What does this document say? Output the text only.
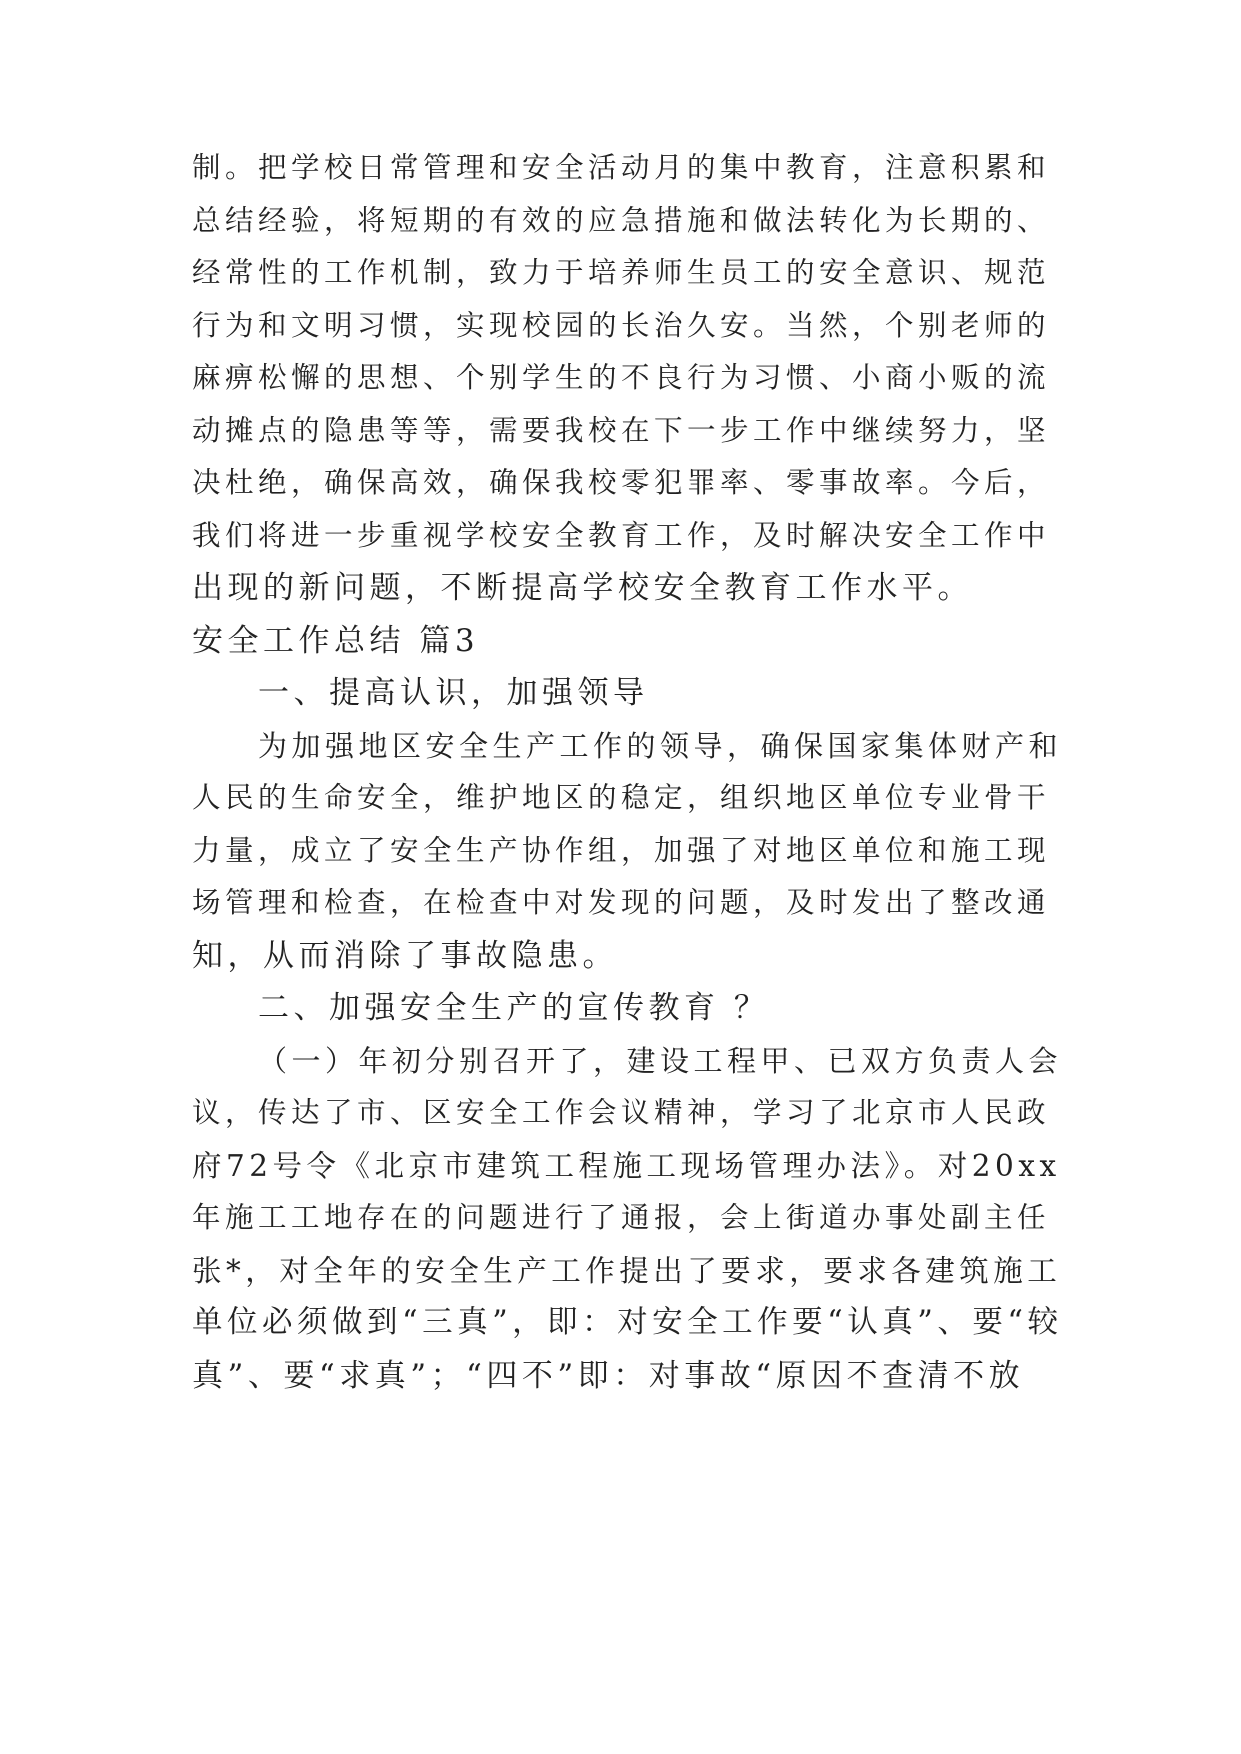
制。把学校日常管理和安全活动月的集中教育，注意积累和
总结经验，将短期的有效的应急措施和做法转化为长期的、
经常性的工作机制，致力于培养师生员工的安全意识、规范
行为和文明习惯，实现校园的长治久安。当然，个别老师的
麻痹松懈的思想、个别学生的不良行为习惯、小商小贩的流
动摊点的隐患等等，需要我校在下一步工作中继续努力，坚
决杜绝，确保高效，确保我校零犯罪率、零事故率。今后，
我们将进一步重视学校安全教育工作，及时解决安全工作中
出现的新问题，不断提高学校安全教育工作水平。
安全工作总结 篇3
一、提高认识，加强领导
为加强地区安全生产工作的领导，确保国家集体财产和
人民的生命安全，维护地区的稳定，组织地区单位专业骨干
力量，成立了安全生产协作组，加强了对地区单位和施工现
场管理和检查，在检查中对发现的问题，及时发出了整改通
知，从而消除了事故隐患。
二、加强安全生产的宣传教育 ？
（一）年初分别召开了，建设工程甲、已双方负责人会
议，传达了市、区安全工作会议精神，学习了北京市人民政
府72号令《北京市建筑工程施工现场管理办法》。对20xx
年施工工地存在的问题进行了通报，会上街道办事处副主任
张*，对全年的安全生产工作提出了要求，要求各建筑施工
单位必须做到“三真”，即：对安全工作要“认真”、要“较
真”、要“求真”；“四不”即：对事故“原因不查清不放
